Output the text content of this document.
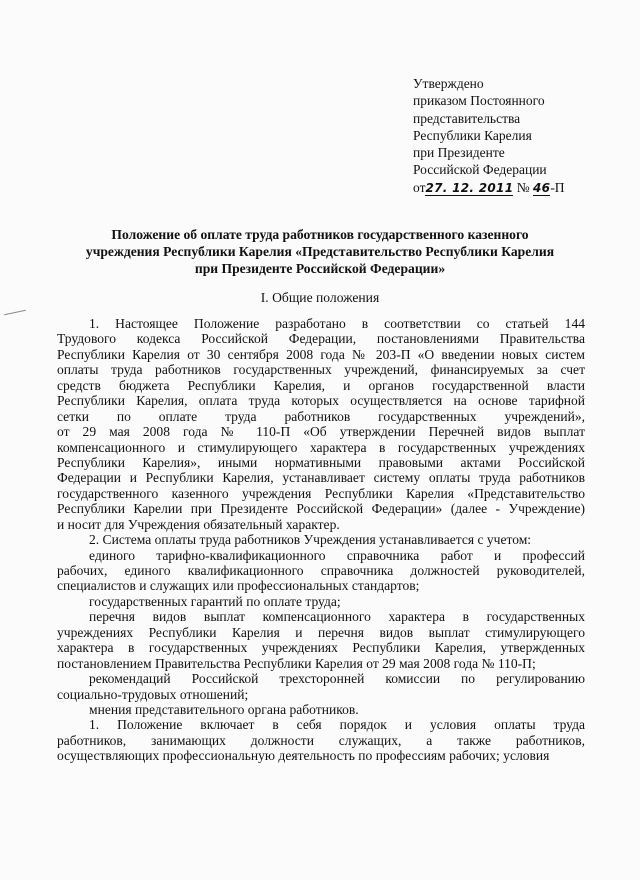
Утверждено
приказом Постоянного
представительства
Республики Карелия
при Президенте
Российской Федерации
от27. 12. 2011 № 46-П
Положение об оплате труда работников государственного казенного
учреждения Республики Карелия «Представительство Республики Карелия
при Президенте Российской Федерации»
I. Общие положения
1. Настоящее Положение разработано в соответствии со статьей 144
Трудового кодекса Российской Федерации, постановлениями Правительства
Республики Карелия от 30 сентября 2008 года № 203-П «О введении новых систем
оплаты труда работников государственных учреждений, финансируемых за счет
средств бюджета Республики Карелия, и органов государственной власти
Республики Карелия, оплата труда которых осуществляется на основе тарифной
сетки по оплате труда работников государственных учреждений»,
от 29 мая 2008 года № 110-П «Об утверждении Перечней видов выплат
компенсационного и стимулирующего характера в государственных учреждениях
Республики Карелия», иными нормативными правовыми актами Российской
Федерации и Республики Карелия, устанавливает систему оплаты труда работников
государственного казенного учреждения Республики Карелия «Представительство
Республики Карелии при Президенте Российской Федерации» (далее - Учреждение)
и носит для Учреждения обязательный характер.
2. Система оплаты труда работников Учреждения устанавливается с учетом:
единого тарифно-квалификационного справочника работ и профессий
рабочих, единого квалификационного справочника должностей руководителей,
специалистов и служащих или профессиональных стандартов;
государственных гарантий по оплате труда;
перечня видов выплат компенсационного характера в государственных
учреждениях Республики Карелия и перечня видов выплат стимулирующего
характера в государственных учреждениях Республики Карелия, утвержденных
постановлением Правительства Республики Карелия от 29 мая 2008 года № 110-П;
рекомендаций Российской трехсторонней комиссии по регулированию
социально-трудовых отношений;
мнения представительного органа работников.
1. Положение включает в себя порядок и условия оплаты труда
работников, занимающих должности служащих, а также работников,
осуществляющих профессиональную деятельность по профессиям рабочих; условия
